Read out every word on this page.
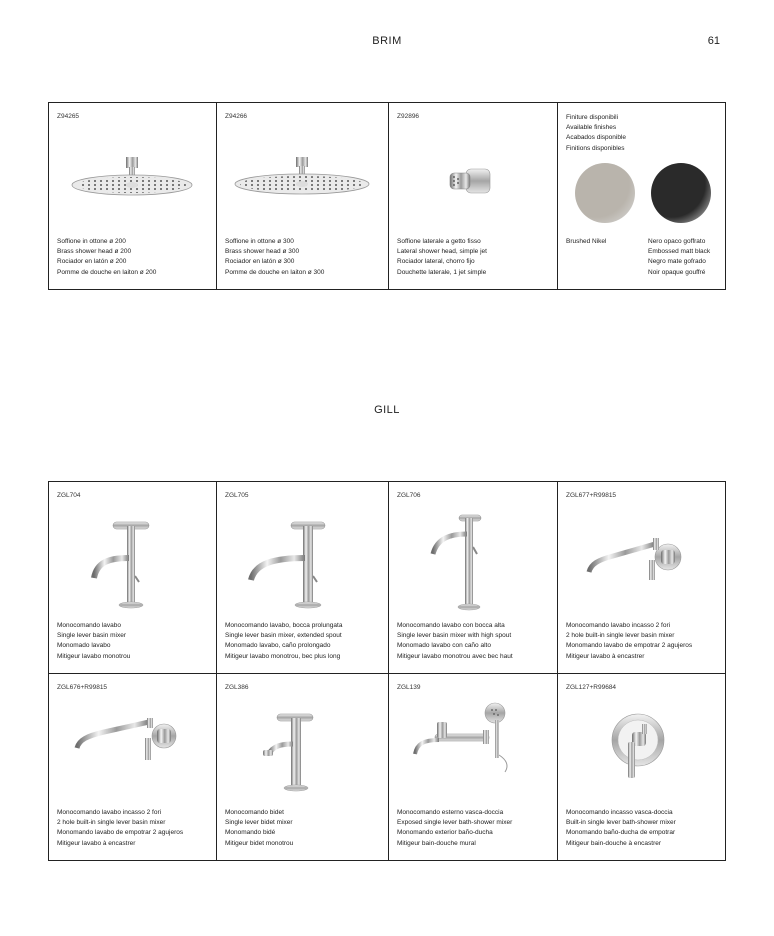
BRIM	61
Z94265
Soffione in ottone ø 200
Brass shower head ø 200
Rociador en latón ø 200
Pomme de douche en laiton ø 200
Z94266
Soffione in ottone ø 300
Brass shower head ø 300
Rociador en latón ø 300
Pomme de douche en laiton ø 300
Z92896
Soffione laterale a getto fisso
Lateral shower head, simple jet
Rociador lateral, chorro fijo
Douchette laterale, 1 jet simple
Finiture disponibili
Available finishes
Acabados disponible
Finitions disponibles
Brushed Nikel	Nero opaco goffrato
Embossed matt black
Negro mate gofrado
Noir opaque gouffré
GILL
ZGL704
Monocomando lavabo
Single lever basin mixer
Monomado lavabo
Mitigeur lavabo monotrou
ZGL705
Monocomando lavabo, bocca prolungata
Single lever basin mixer, extended spout
Monomado lavabo, caño prolongado
Mitigeur lavabo monotrou, bec plus long
ZGL706
Monocomando lavabo con bocca alta
Single lever basin mixer with high spout
Monomado lavabo con caño alto
Mitigeur lavabo monotrou avec bec haut
ZGL677+R99815
Monocomando lavabo incasso 2 fori
2 hole built-in single lever basin mixer
Monomando lavabo de empotrar 2 agujeros
Mitigeur lavabo à encastrer
ZGL676+R99815
Monocomando lavabo incasso 2 fori
2 hole built-in single lever basin mixer
Monomando lavabo de empotrar 2 agujeros
Mitigeur lavabo à encastrer
ZGL386
Monocomando bidet
Single lever bidet mixer
Monomando bidé
Mitigeur bidet monotrou
ZGL139
Monocomando esterno vasca-doccia
Exposed single lever bath-shower mixer
Monomando exterior baño-ducha
Mitigeur bain-douche mural
ZGL127+R99684
Monocomando incasso vasca-doccia
Built-in single lever bath-shower mixer
Monomando baño-ducha de empotrar
Mitigeur bain-douche à encastrer
